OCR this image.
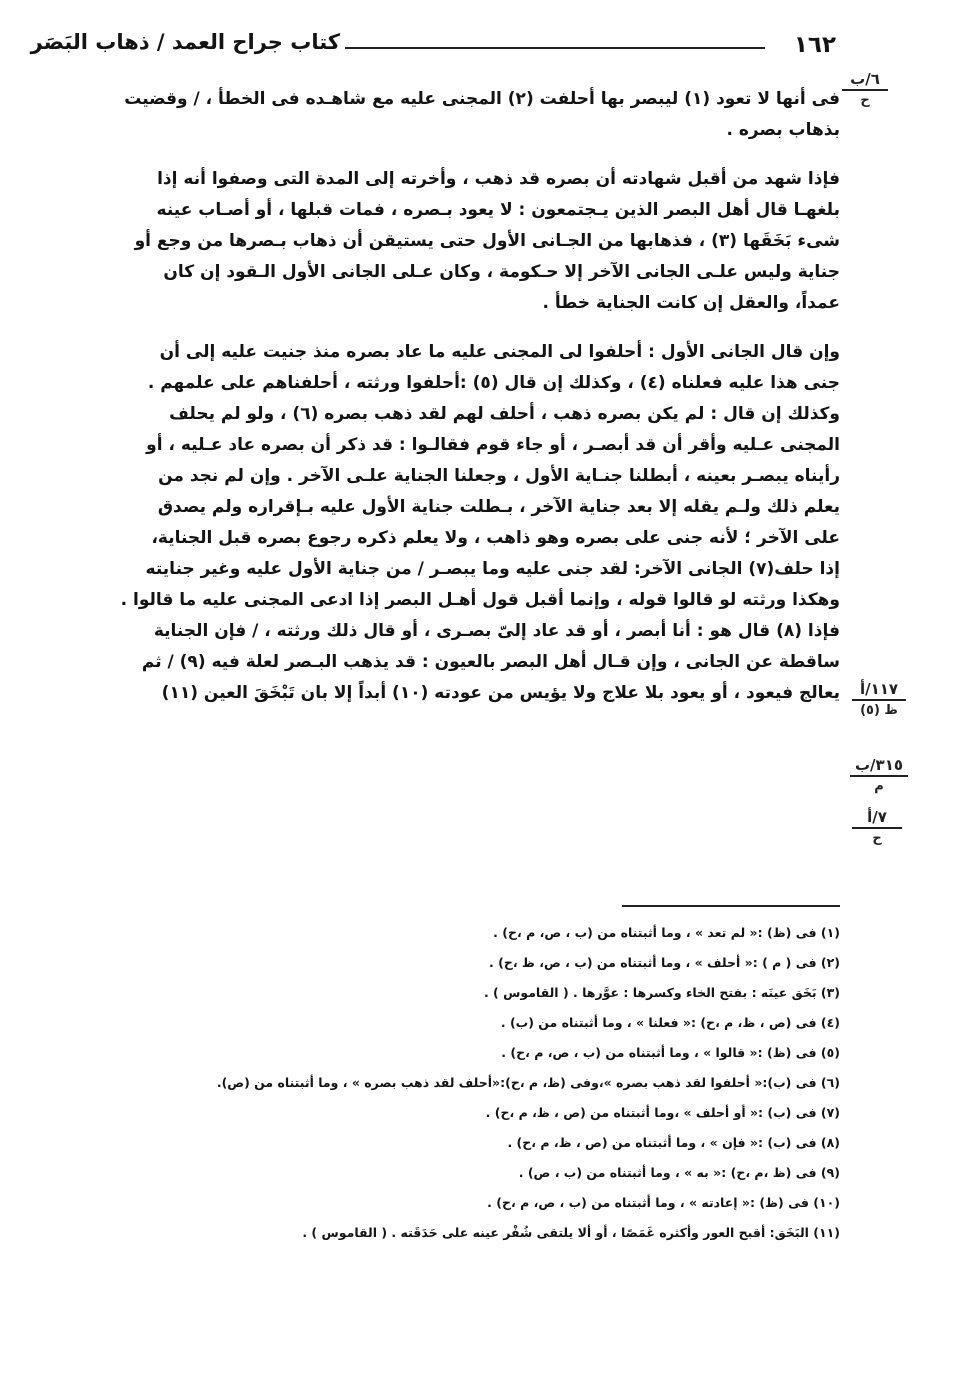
١٦٢
كتاب جراح العمد / ذهاب البَصَر
٦/ب
ح
١١٧/أ
ظ (٥)
٣١٥/ب
م
٧/أ
ح

فى أنها لا تعود (١) ليبصر بها أحلفت (٢) المجنى عليه مع شاهـده فى الخطأ ، / وقضيت
بذهاب بصره .

فإذا شهد من أقبل شهادته أن بصره قد ذهب ، وأخرته إلى المدة التى وصفوا أنه إذا
بلغهـا قال أهل البصر الذين يـجتمعون : لا يعود بـصره ، فمات قبلها ، أو أصـاب عينه
شىء بَخَقَها (٣) ، فذهابها من الجـانى الأول حتى يستيقن أن ذهاب بـصرها من وجع أو
جناية وليس علـى الجانى الآخر إلا حـكومة ، وكان عـلى الجانى الأول الـقود إن كان
عمداً، والعقل إن كانت الجناية خطأ .

وإن قال الجانى الأول : أحلفوا لى المجنى عليه ما عاد بصره منذ جنيت عليه إلى أن
جنى هذا عليه فعلناه (٤) ، وكذلك إن قال (٥) :أحلفوا ورثته ، أحلفناهم على علمهم .
وكذلك إن قال : لم يكن بصره ذهب ، أحلف لهم لقد ذهب بصره (٦) ، ولو لم يحلف
المجنى عـليه وأقر أن قد أبصـر ، أو جاء قوم فقالـوا : قد ذكر أن بصره عاد عـليه ، أو
رأيناه يبصـر بعينه ، أبطلنا جنـاية الأول ، وجعلنا الجناية علـى الآخر . وإن لم نجد من
يعلم ذلك ولـم يقله إلا بعد جناية الآخر ، بـطلت جناية الأول عليه بـإقراره ولم يصدق
على الآخر ؛ لأنه جنى على بصره وهو ذاهب ، ولا يعلم ذكره رجوع بصره قبل الجناية،
إذا حلف(٧) الجانى الآخر: لقد جنى عليه وما يبصـر / من جناية الأول عليه وغير جنايته
وهكذا ورثته لو قالوا قوله ، وإنما أقبل قول أهـل البصر إذا ادعى المجنى عليه ما قالوا .
فإذا (٨) قال هو : أنا أبصر ، أو قد عاد إلىّ بصـرى ، أو قال ذلك ورثته ، / فإن الجناية
ساقطة عن الجانى ، وإن قـال أهل البصر بالعيون : قد يذهب البـصر لعلة فيه (٩) / ثم
يعالج فيعود ، أو يعود بلا علاج ولا يؤيس من عودته (١٠) أبداً إلا بان تَبْخَقَ العين (١١)

(١) فى (ظ) :« لم تعد » ، وما أثبتناه من (ب ، ص، م ،ح) .
(٢) فى ( م ) :« أحلف » ، وما أثبتناه من (ب ، ص، ظ ،ح) .
(٣) بَخَق عينَه : بفتح الخاء وكسرها : عوَّرها . ( القاموس ) .
(٤) فى (ص ، ظ، م ،ح) :« فعلنا » ، وما أثبتناه من (ب) .
(٥) فى (ظ) :« قالوا » ، وما أثبتناه من (ب ، ص، م ،ح) .
(٦) فى (ب):« أحلفوا لقد ذهب بصره »،وفى (ظ، م ،ح):«أحلف لقد ذهب بصره » ، وما أثبتناه من (ص).
(٧) فى (ب) :« أو أحلف » ،وما أثبتناه من (ص ، ظ، م ،ح) .
(٨) فى (ب) :« فإن » ، وما أثبتناه من (ص ، ظ، م ،ح) .
(٩) فى (ظ ،م ،ح) :« به » ، وما أثبتناه من (ب ، ص) .
(١٠) فى (ظ) :« إعادته » ، وما أثبتناه من (ب ، ص، م ،ح) .
(١١) البَخَق: أقبح العور وأكثره غَمَصًا ، أو ألا يلتقى شُفْر عينه على حَدَقَته . ( القاموس ) .
